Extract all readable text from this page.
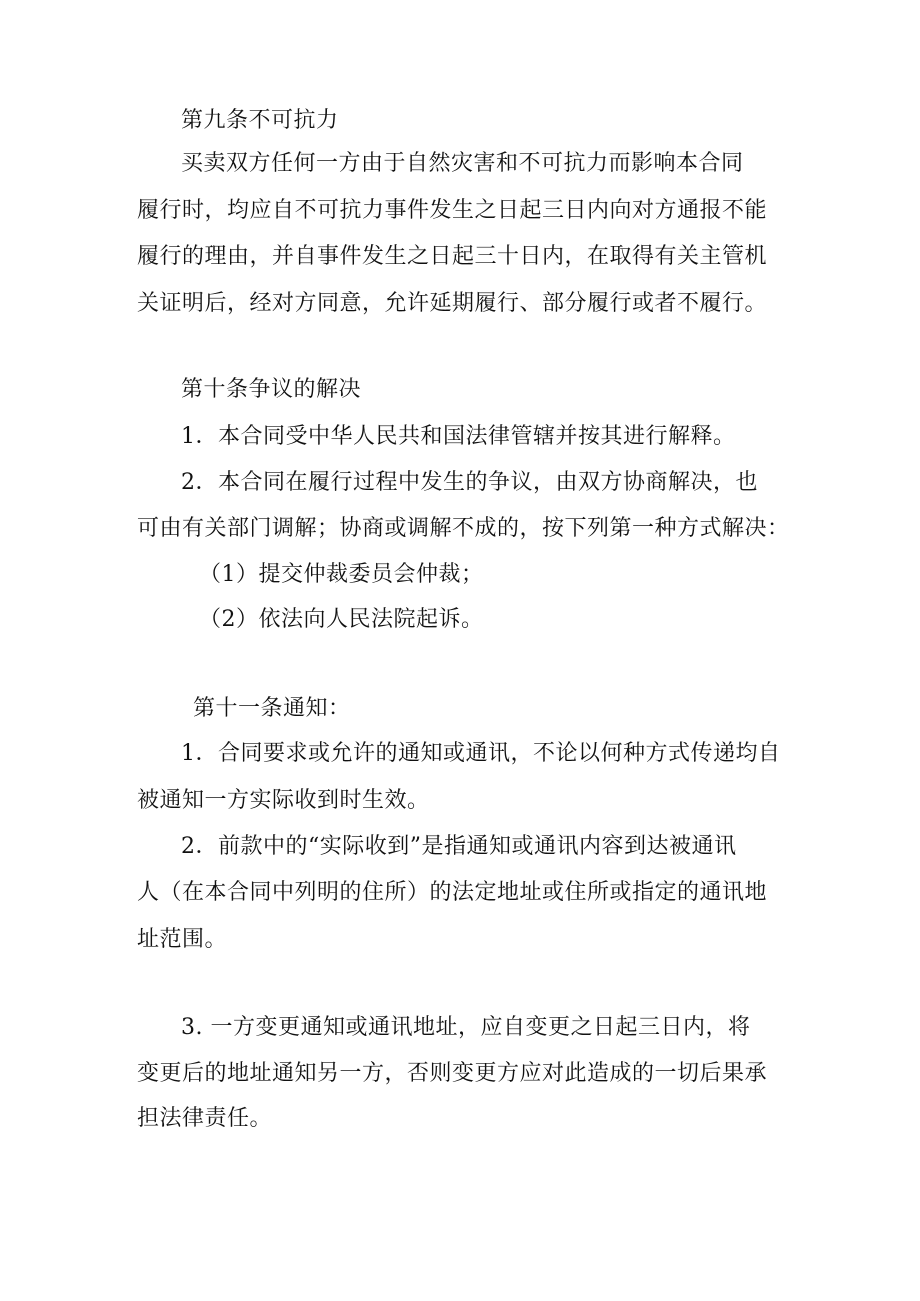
第九条不可抗力
买卖双方任何一方由于自然灾害和不可抗力而影响本合同
履行时，均应自不可抗力事件发生之日起三日内向对方通报不能
履行的理由，并自事件发生之日起三十日内，在取得有关主管机
关证明后，经对方同意，允许延期履行、部分履行或者不履行。
第十条争议的解决
1．本合同受中华人民共和国法律管辖并按其进行解释。
2．本合同在履行过程中发生的争议，由双方协商解决，也
可由有关部门调解；协商或调解不成的，按下列第一种方式解决：
（1）提交仲裁委员会仲裁；
（2）依法向人民法院起诉。
第十一条通知：
1．合同要求或允许的通知或通讯，不论以何种方式传递均自
被通知一方实际收到时生效。
2．前款中的“实际收到”是指通知或通讯内容到达被通讯
人（在本合同中列明的住所）的法定地址或住所或指定的通讯地
址范围。
3. 一方变更通知或通讯地址，应自变更之日起三日内，将
变更后的地址通知另一方，否则变更方应对此造成的一切后果承
担法律责任。
